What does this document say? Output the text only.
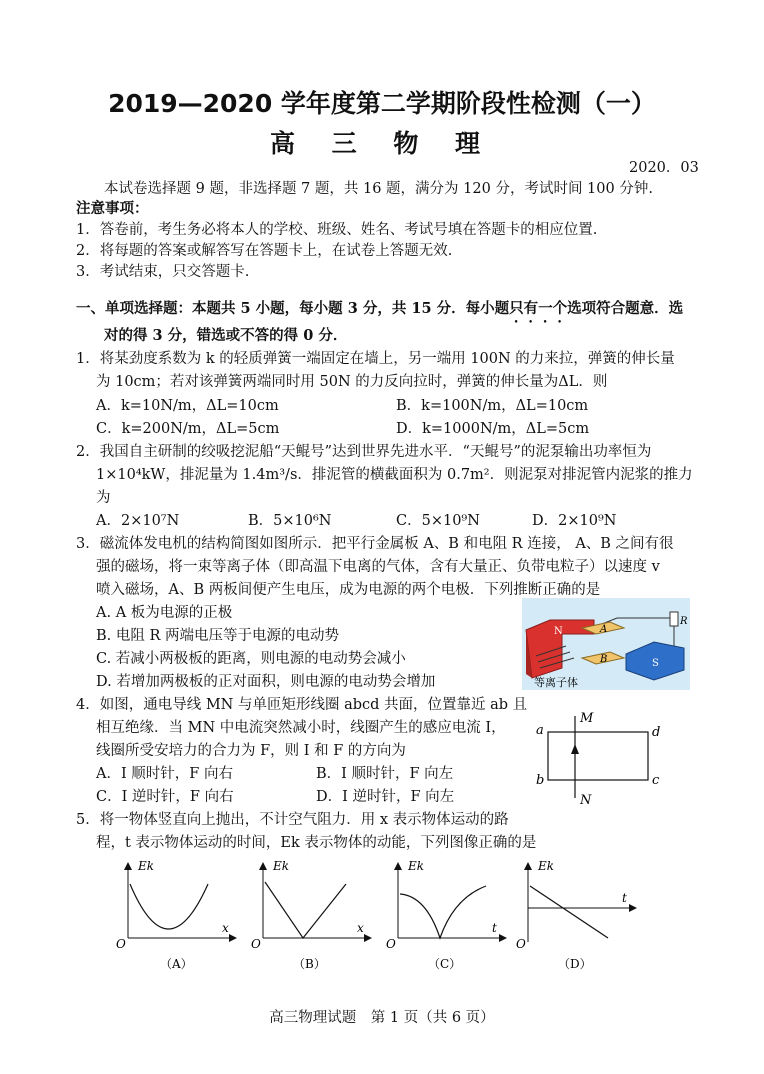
2019—2020 学年度第二学期阶段性检测（一）
高 三 物 理
2020．03
本试卷选择题 9 题，非选择题 7 题，共 16 题，满分为 120 分，考试时间 100 分钟.
注意事项：
1．答卷前，考生务必将本人的学校、班级、姓名、考试号填在答题卡的相应位置.
2．将每题的答案或解答写在答题卡上，在试卷上答题无效.
3．考试结束，只交答题卡.
一、单项选择题：本题共 5 小题，每小题 3 分，共 15 分．每小题只有一个选项符合题意．选
对的得 3 分，错选或不答的得 0 分．
1．将某劲度系数为 k 的轻质弹簧一端固定在墙上，另一端用 100N 的力来拉，弹簧的伸长量
为 10cm；若对该弹簧两端同时用 50N 的力反向拉时，弹簧的伸长量为ΔL．则
A．k=10N/m，ΔL=10cm	B．k=100N/m，ΔL=10cm
C．k=200N/m，ΔL=5cm	D．k=1000N/m，ΔL=5cm
2．我国自主研制的绞吸挖泥船“天鲲号”达到世界先进水平．“天鲲号”的泥泵输出功率恒为
1×10⁴kW，排泥量为 1.4m³/s．排泥管的横截面积为 0.7m²．则泥泵对排泥管内泥浆的推力
为
A．2×10⁷N	B．5×10⁶N	C．5×10⁹N	D．2×10⁹N
3．磁流体发电机的结构简图如图所示．把平行金属板 A、B 和电阻 R 连接， A、B 之间有很
强的磁场，将一束等离子体（即高温下电离的气体，含有大量正、负带电粒子）以速度 v
喷入磁场，A、B 两板间便产生电压，成为电源的两个电极．下列推断正确的是
A. A 板为电源的正极
B. 电阻 R 两端电压等于电源的电动势
C. 若减小两极板的距离，则电源的电动势会减小
D. 若增加两极板的正对面积，则电源的电动势会增加
R
N	A
B	S
等离子体
4．如图，通电导线 MN 与单匝矩形线圈 abcd 共面，位置靠近 ab 且
相互绝缘．当 MN 中电流突然减小时，线圈产生的感应电流 I，
线圈所受安培力的合力为 F，则 I 和 F 的方向为
A．I 顺时针，F 向右	B．I 顺时针，F 向左
C．I 逆时针，F 向右	D．I 逆时针，F 向左
M
N
a
b	c
d
5．将一物体竖直向上抛出，不计空气阻力．用 x 表示物体运动的路
程，t 表示物体运动的时间，Ek 表示物体的动能，下列图像正确的是
Ek
x
O
（A）
Ek
x
O
（B）
Ek
t
O
（C）
Ek
t
O
（D）
高三物理试题　第 1 页（共 6 页）
